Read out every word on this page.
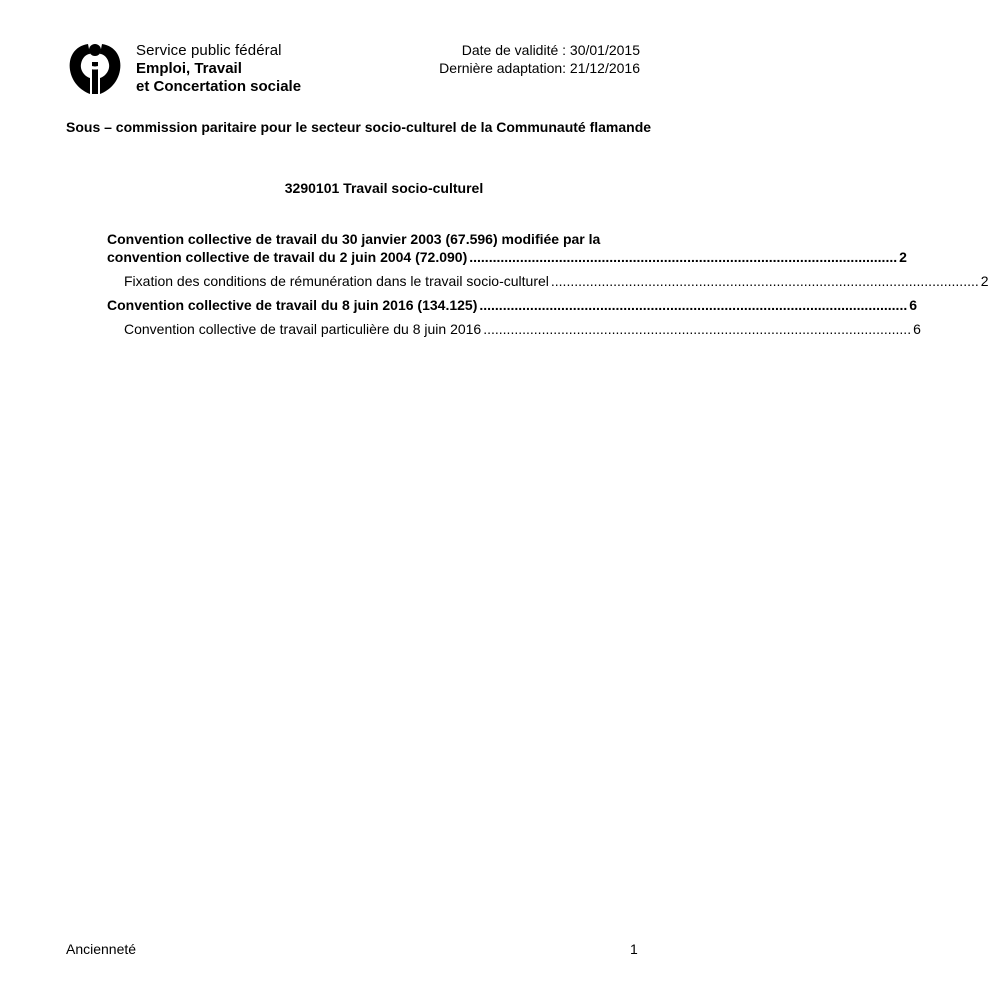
Service public fédéral
Emploi, Travail
et Concertation sociale
Date de validité : 30/01/2015
Dernière adaptation: 21/12/2016
Sous – commission paritaire pour le secteur socio-culturel de la Communauté flamande
3290101 Travail socio-culturel
Convention collective de travail du 30 janvier 2003 (67.596) modifiée par la
convention collective de travail du 2 juin 2004 (72.090) .............................................................................................................. 2
Fixation des conditions de rémunération dans le travail socio-culturel .............................................................................................................. 2
Convention collective de travail du 8 juin 2016 (134.125) .............................................................................................................. 6
Convention collective de travail particulière du 8 juin 2016 .............................................................................................................. 6
Ancienneté	1
